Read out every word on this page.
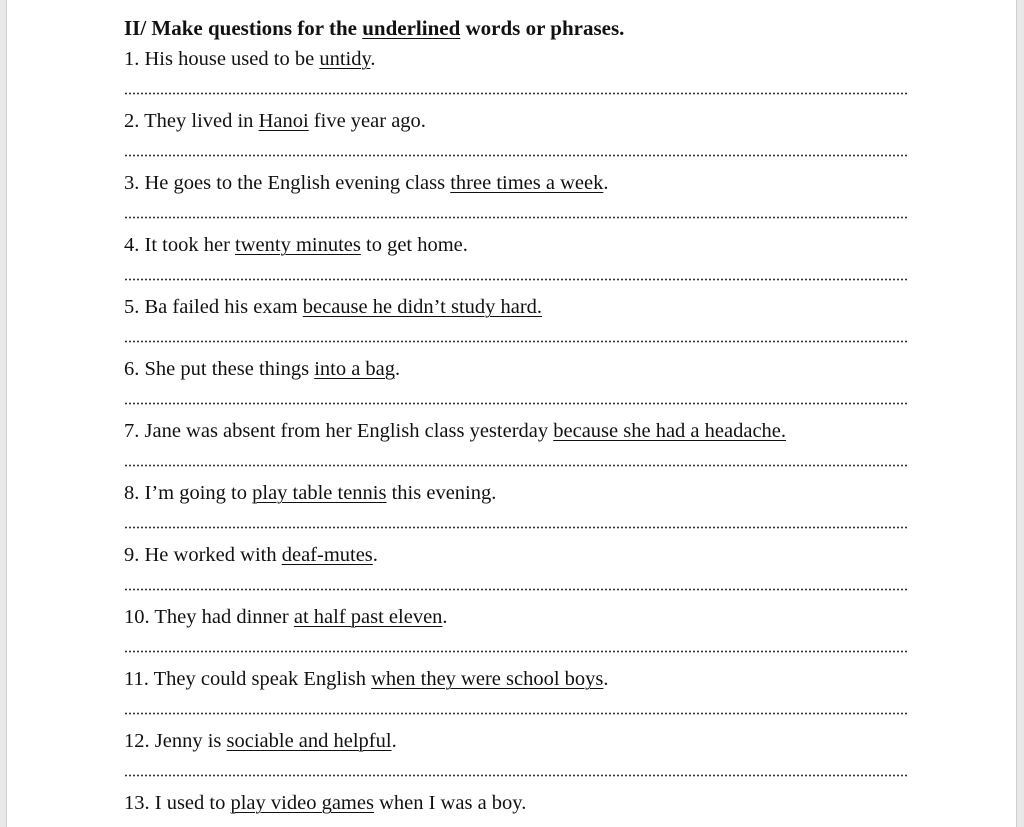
II/ Make questions for the underlined words or phrases.
1. His house used to be untidy.
2. They lived in Hanoi five year ago.
3. He goes to the English evening class three times a week.
4. It took her twenty minutes to get home.
5. Ba failed his exam because he didn’t study hard.
6. She put these things into a bag.
7. Jane was absent from her English class yesterday because she had a headache.
8. I’m going to play table tennis this evening.
9. He worked with deaf-mutes.
10. They had dinner at half past eleven.
11. They could speak English when they were school boys.
12. Jenny is sociable and helpful.
13. I used to play video games when I was a boy.
